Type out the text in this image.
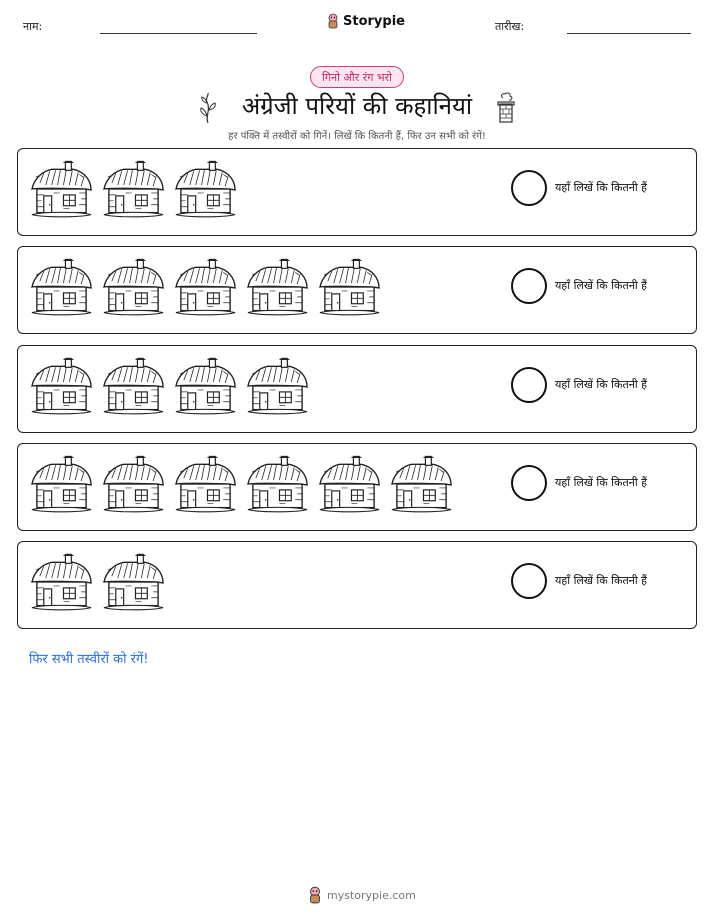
नाम:	Storypie	तारीख:
गिनो और रंग भरो
अंग्रेजी परियों की कहानियां
हर पंक्ति में तस्वीरों को गिनें। लिखें कि कितनी हैं, फिर उन सभी को रंगें!
यहाँ लिखें कि कितनी हैं
यहाँ लिखें कि कितनी हैं
यहाँ लिखें कि कितनी हैं
यहाँ लिखें कि कितनी हैं
यहाँ लिखें कि कितनी हैं
फिर सभी तस्वीरों को रंगें!
mystorypie.com
